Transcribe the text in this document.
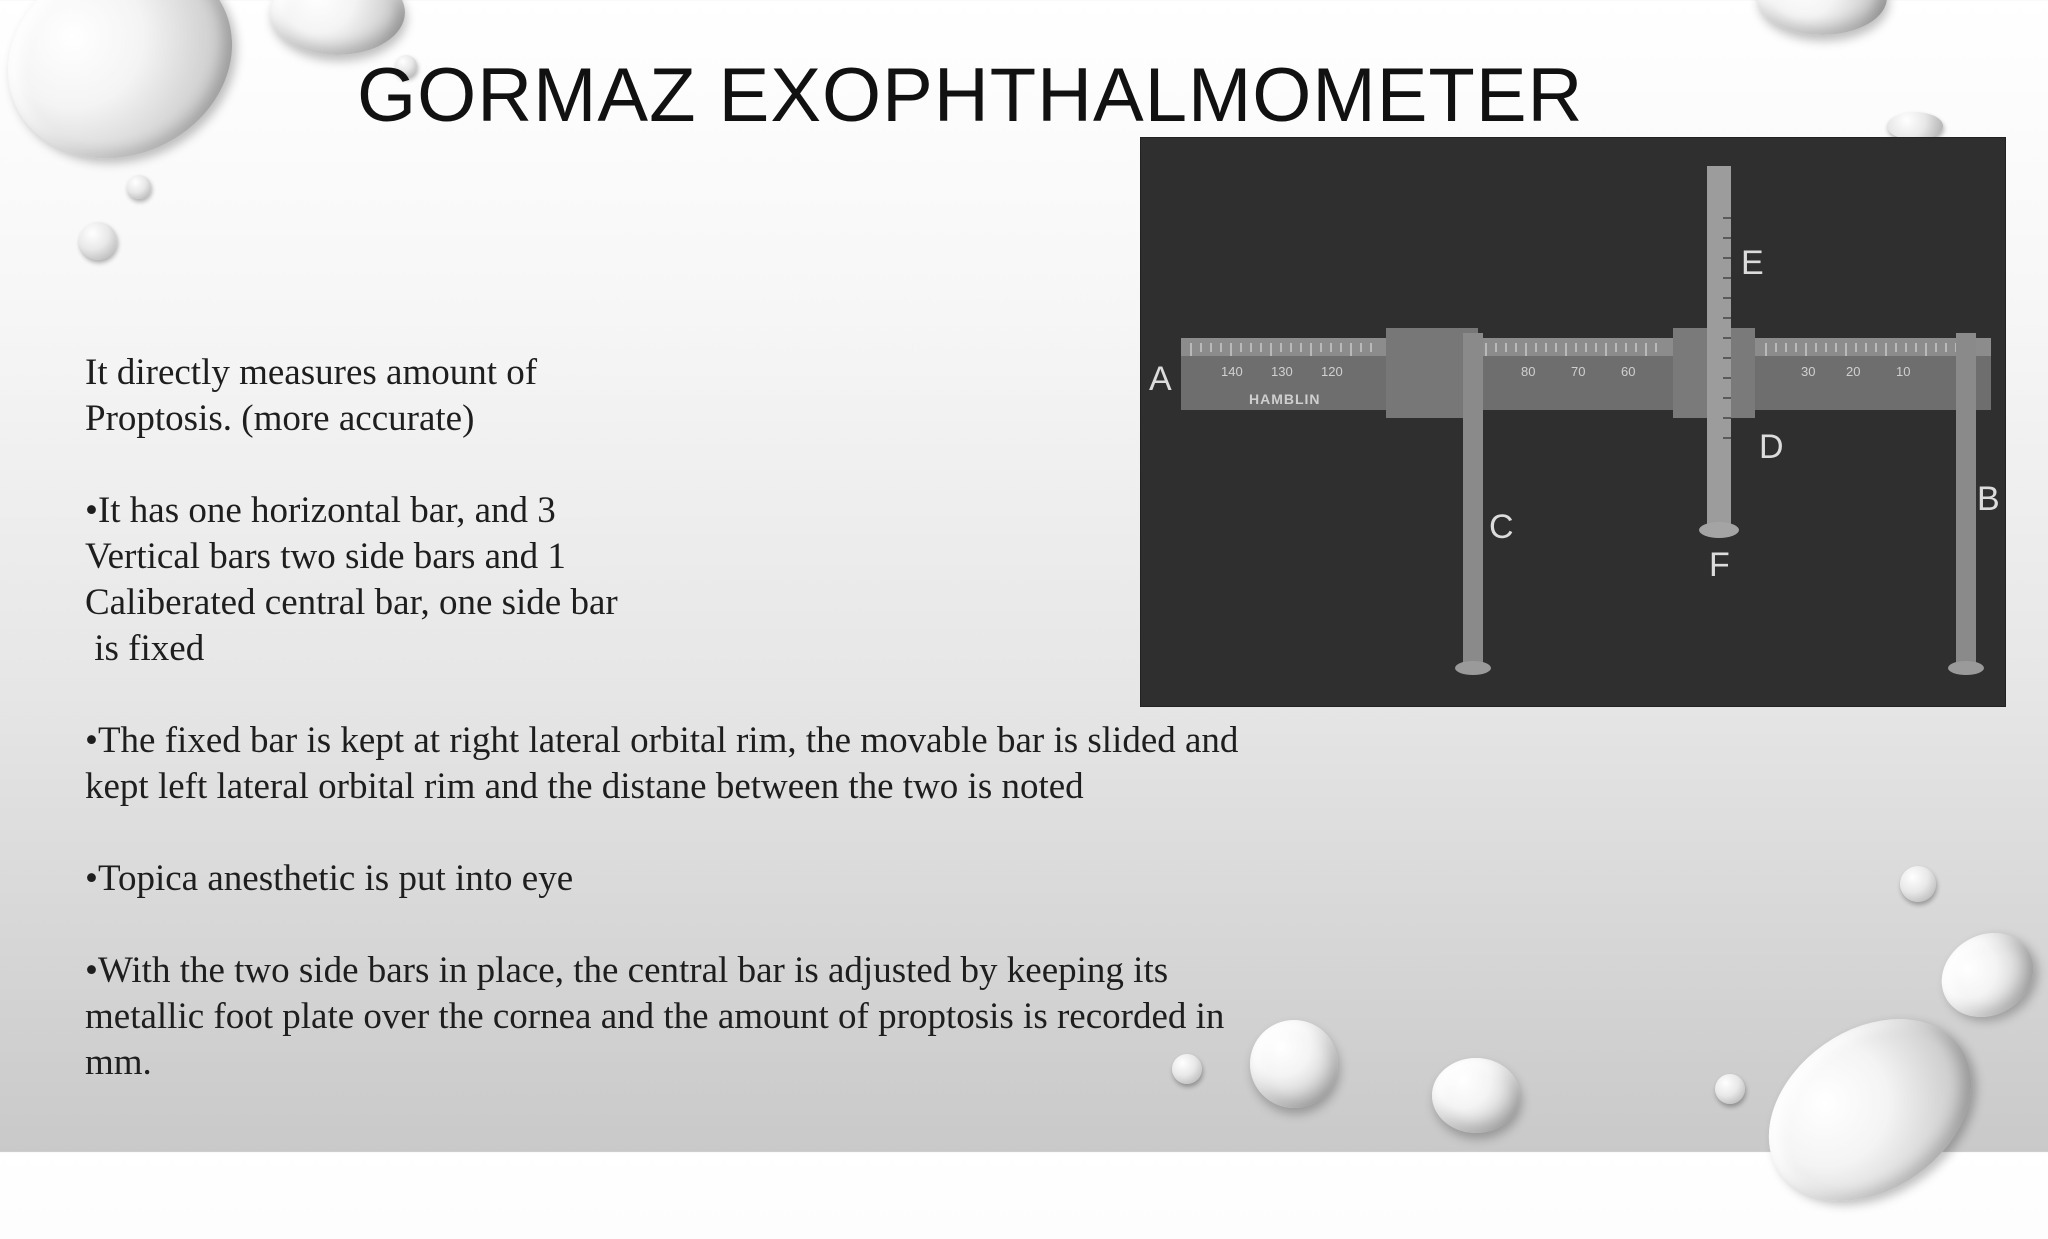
GORMAZ EXOPHTHALMOMETER

It directly measures amount of
Proptosis. (more accurate)

•It has one horizontal bar, and 3
Vertical bars two side bars and 1
Caliberated central bar, one side bar
is fixed

•The fixed bar is kept at right lateral orbital rim, the movable bar is slided and
kept left lateral orbital rim and the distane between the two is noted

•Topica anesthetic is put into eye

•With the two side bars in place, the central bar is adjusted by keeping its
metallic foot plate over the cornea and the amount of proptosis is recorded in
mm.

140 130 120	80	70	60	30 20	10
HAMBLIN
A
B
C
D
E
F
